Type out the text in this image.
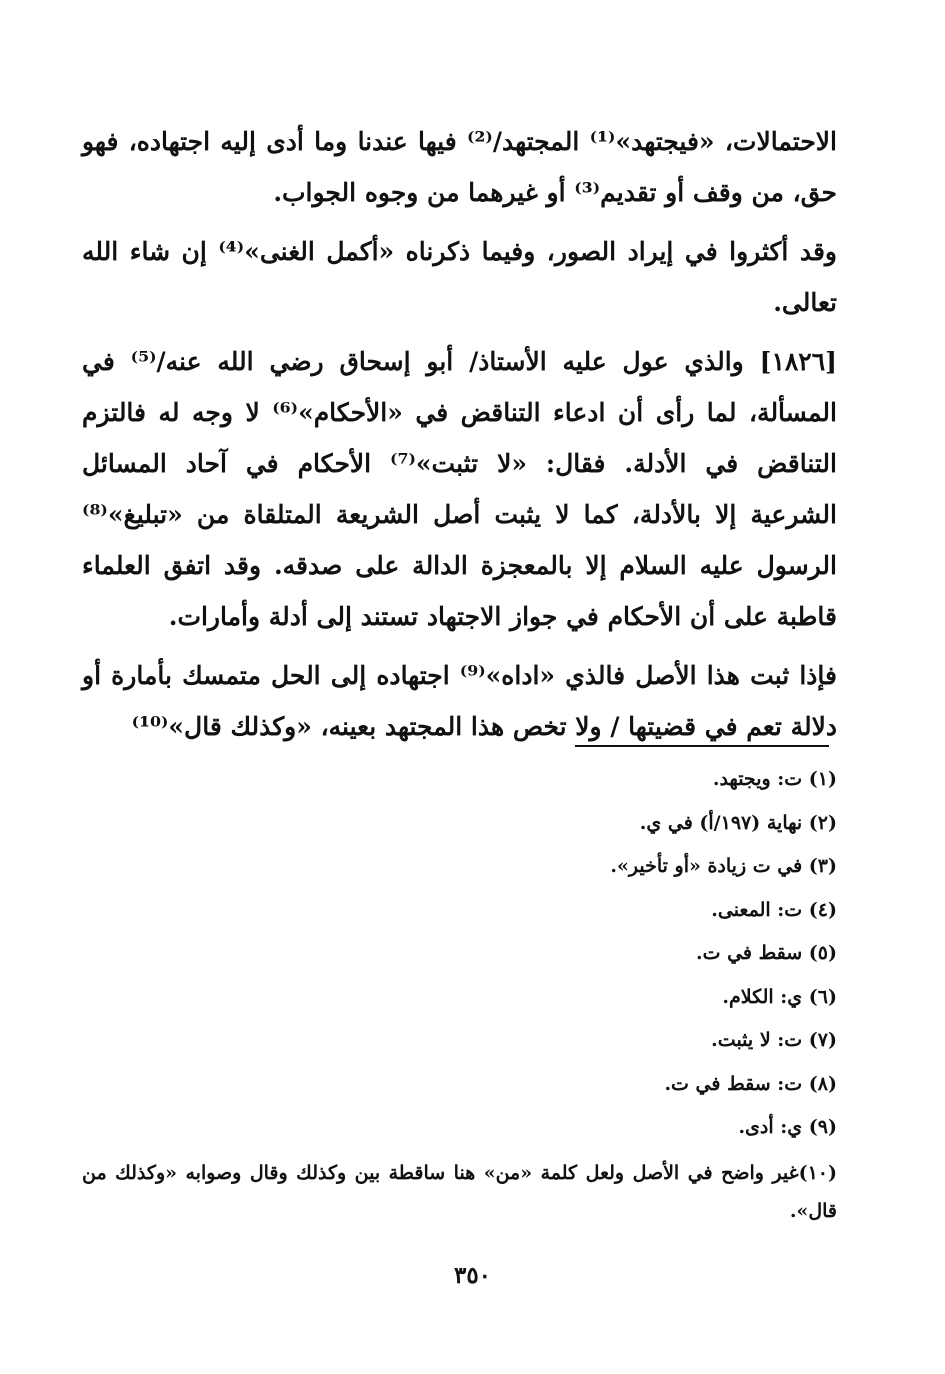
الاحتمالات، «فيجتهد»⁽¹⁾ المجتهد/⁽²⁾ فيها عندنا وما أدى إليه اجتهاده، فهو حق، من وقف أو تقديم⁽³⁾ أو غيرهما من وجوه الجواب.

وقد أكثروا في إيراد الصور، وفيما ذكرناه «أكمل الغنى»⁽⁴⁾ إن شاء الله تعالى.

[١٨٢٦] والذي عول عليه الأستاذ/ أبو إسحاق رضي الله عنه/⁽⁵⁾ في المسألة، لما رأى أن ادعاء التناقض في «الأحكام»⁽⁶⁾ لا وجه له فالتزم التناقض في الأدلة. فقال: «لا تثبت»⁽⁷⁾ الأحكام في آحاد المسائل الشرعية إلا بالأدلة، كما لا يثبت أصل الشريعة المتلقاة من «تبليغ»⁽⁸⁾ الرسول عليه السلام إلا بالمعجزة الدالة على صدقه. وقد اتفق العلماء قاطبة على أن الأحكام في جواز الاجتهاد تستند إلى أدلة وأمارات.

فإذا ثبت هذا الأصل فالذي «اداه»⁽⁹⁾ اجتهاده إلى الحل متمسك بأمارة أو دلالة تعم في قضيتها / ولا تخص هذا المجتهد بعينه، «وكذلك قال»⁽¹⁰⁾

(١) ت: ويجتهد.
(٢) نهاية (١٩٧/أ) في ي.
(٣) في ت زيادة «أو تأخير».
(٤) ت: المعنى.
(٥) سقط في ت.
(٦) ي: الكلام.
(٧) ت: لا يثبت.
(٨) ت: سقط في ت.
(٩) ي: أدى.
(١٠)غير واضح في الأصل ولعل كلمة «من» هنا ساقطة بين وكذلك وقال وصوابه «وكذلك من قال».
٣٥٠
